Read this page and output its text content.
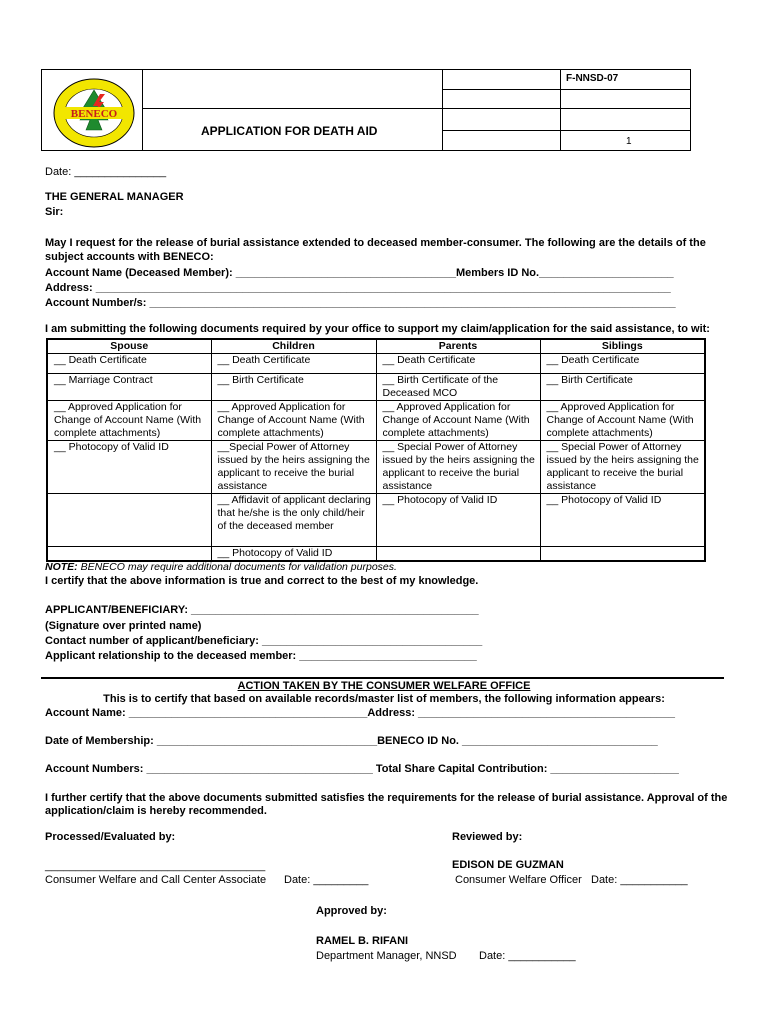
BENECO
APPLICATION FOR DEATH AID
F-NNSD-07
1
Date: _______________
THE GENERAL MANAGER
Sir:
May I request for the release of burial assistance extended to deceased member-consumer. The following are the details of the
subject accounts with BENECO:
Account Name (Deceased Member): ____________________________________Members ID No.______________________
Address: ______________________________________________________________________________________________
Account Number/s: ______________________________________________________________________________________
I am submitting the following documents required by your office to support my claim/application for the said assistance, to wit:
Spouse	Children	Parents	Siblings
__ Death Certificate	__ Death Certificate	__ Death Certificate	__ Death Certificate
__ Marriage Contract	__ Birth Certificate	__ Birth Certificate of the Deceased MCO	__ Birth Certificate
__ Approved Application for Change of Account Name (With complete attachments)	__ Approved Application for Change of Account Name (With complete attachments)	__ Approved Application for Change of Account Name (With complete attachments)	__ Approved Application for Change of Account Name (With complete attachments)
__ Photocopy of Valid ID	__Special Power of Attorney issued by the heirs assigning the applicant to receive the burial assistance	__ Special Power of Attorney issued by the heirs assigning the applicant to receive the burial assistance	__ Special Power of Attorney issued by the heirs assigning the applicant to receive the burial assistance
	__ Affidavit of applicant declaring that he/she is the only child/heir of the deceased member	__ Photocopy of Valid ID	__ Photocopy of Valid ID
	__ Photocopy of Valid ID		
NOTE: BENECO may require additional documents for validation purposes.
I certify that the above information is true and correct to the best of my knowledge.
APPLICANT/BENEFICIARY: _______________________________________________
(Signature over printed name)
Contact number of applicant/beneficiary: ____________________________________
Applicant relationship to the deceased member: _____________________________
ACTION TAKEN BY THE CONSUMER WELFARE OFFICE
This is to certify that based on available records/master list of members, the following information appears:
Account Name: _______________________________________Address: __________________________________________
Date of Membership: ____________________________________BENECO ID No. ________________________________
Account Numbers: _____________________________________ Total Share Capital Contribution: _____________________
I further certify that the above documents submitted satisfies the requirements for the release of burial assistance. Approval of the
application/claim is hereby recommended.
Processed/Evaluated by:
____________________________________
Consumer Welfare and Call Center Associate Date: _________
Reviewed by:
EDISON DE GUZMAN
Consumer Welfare Officer Date: ___________
Approved by:
RAMEL B. RIFANI
Department Manager, NNSD Date: ___________
